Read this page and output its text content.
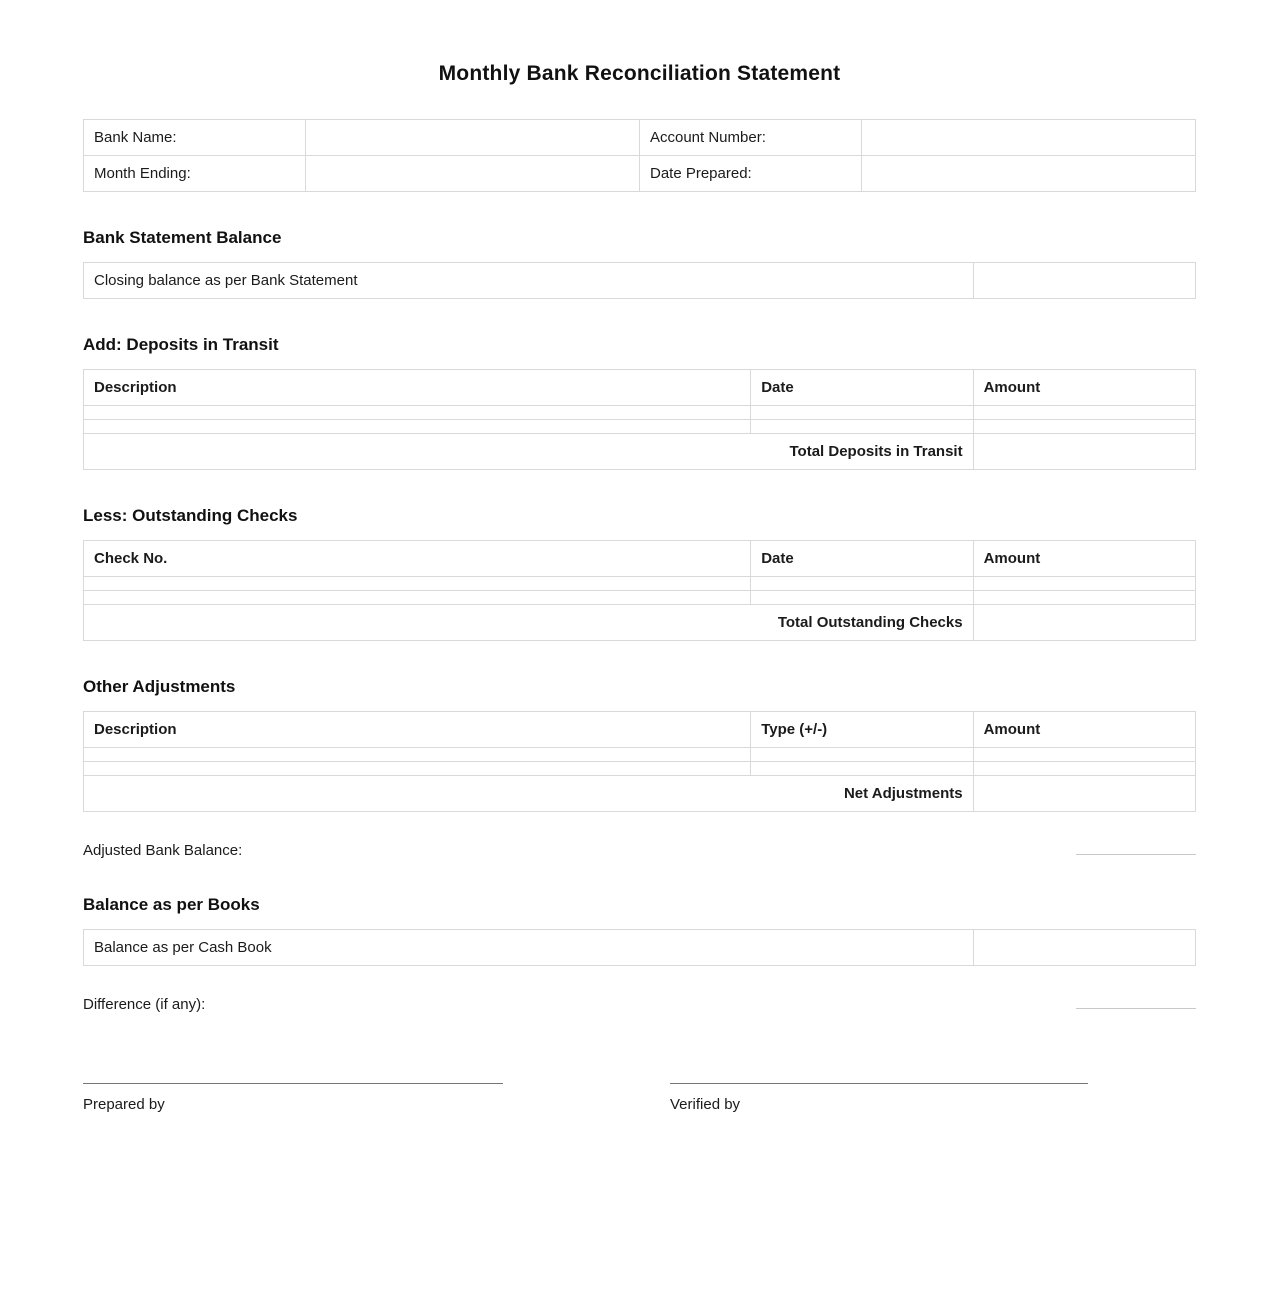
Monthly Bank Reconciliation Statement
Bank Name:		Account Number:	
Month Ending:		Date Prepared:	
Bank Statement Balance
Closing balance as per Bank Statement	
Add: Deposits in Transit
Description	Date	Amount

Total Deposits in Transit		
Less: Outstanding Checks
Check No.	Date	Amount

Total Outstanding Checks		
Other Adjustments
Description	Type (+/-)	Amount

Net Adjustments		
Adjusted Bank Balance:
Balance as per Books
Balance as per Cash Book	
Difference (if any):
Prepared by	Verified by
